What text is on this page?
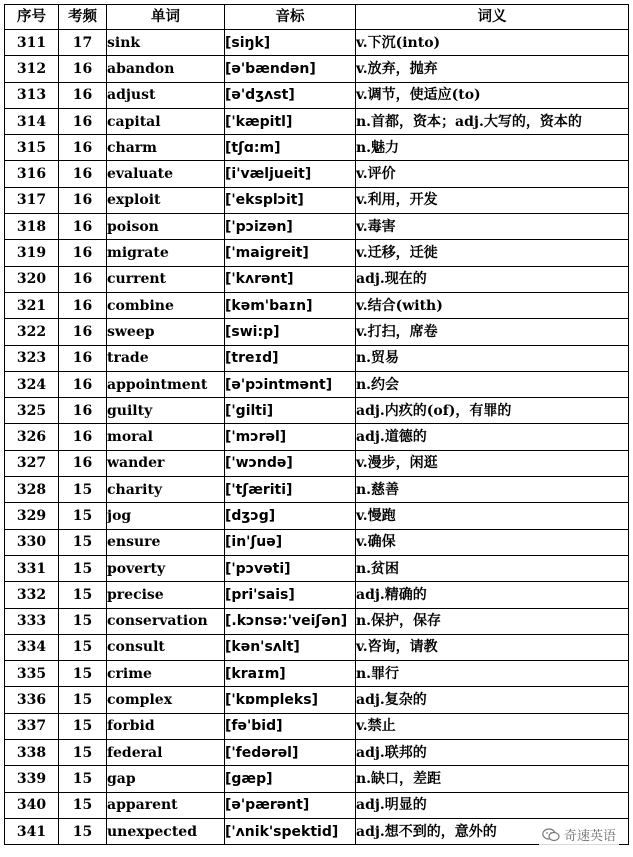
序号	考频	单词	音标	词义
311	17	sink	[siŋk]	v.下沉(into)
312	16	abandon	[ə'bændən]	v.放弃，抛弃
313	16	adjust	[ə'dʒʌst]	v.调节，使适应(to)
314	16	capital	['kæpitl]	n.首都，资本；adj.大写的，资本的
315	16	charm	[tʃɑ:m]	n.魅力
316	16	evaluate	[i'væljueit]	v.评价
317	16	exploit	['eksplɔit]	v.利用，开发
318	16	poison	['pɔizən]	v.毒害
319	16	migrate	['maigreit]	v.迁移，迁徙
320	16	current	['kʌrənt]	adj.现在的
321	16	combine	[kəm'baɪn]	v.结合(with)
322	16	sweep	[swi:p]	v.打扫，席卷
323	16	trade	[treɪd]	n.贸易
324	16	appointment	[ə'pɔintmənt]	n.约会
325	16	guilty	['gilti]	adj.内疚的(of)，有罪的
326	16	moral	['mɔrəl]	adj.道德的
327	16	wander	['wɔndə]	v.漫步，闲逛
328	15	charity	['tʃæriti]	n.慈善
329	15	jog	[dʒɔg]	v.慢跑
330	15	ensure	[in'ʃuə]	v.确保
331	15	poverty	['pɔvəti]	n.贫困
332	15	precise	[pri'sais]	adj.精确的
333	15	conservation	[.kɔnsə:'veiʃən]	n.保护，保存
334	15	consult	[kən'sʌlt]	v.咨询，请教
335	15	crime	[kraɪm]	n.罪行
336	15	complex	['kɒmpleks]	adj.复杂的
337	15	forbid	[fə'bid]	v.禁止
338	15	federal	['fedərəl]	adj.联邦的
339	15	gap	[gæp]	n.缺口，差距
340	15	apparent	[ə'pærənt]	adj.明显的
341	15	unexpected	['ʌnik'spektid]	adj.想不到的，意外的	奇速英语
